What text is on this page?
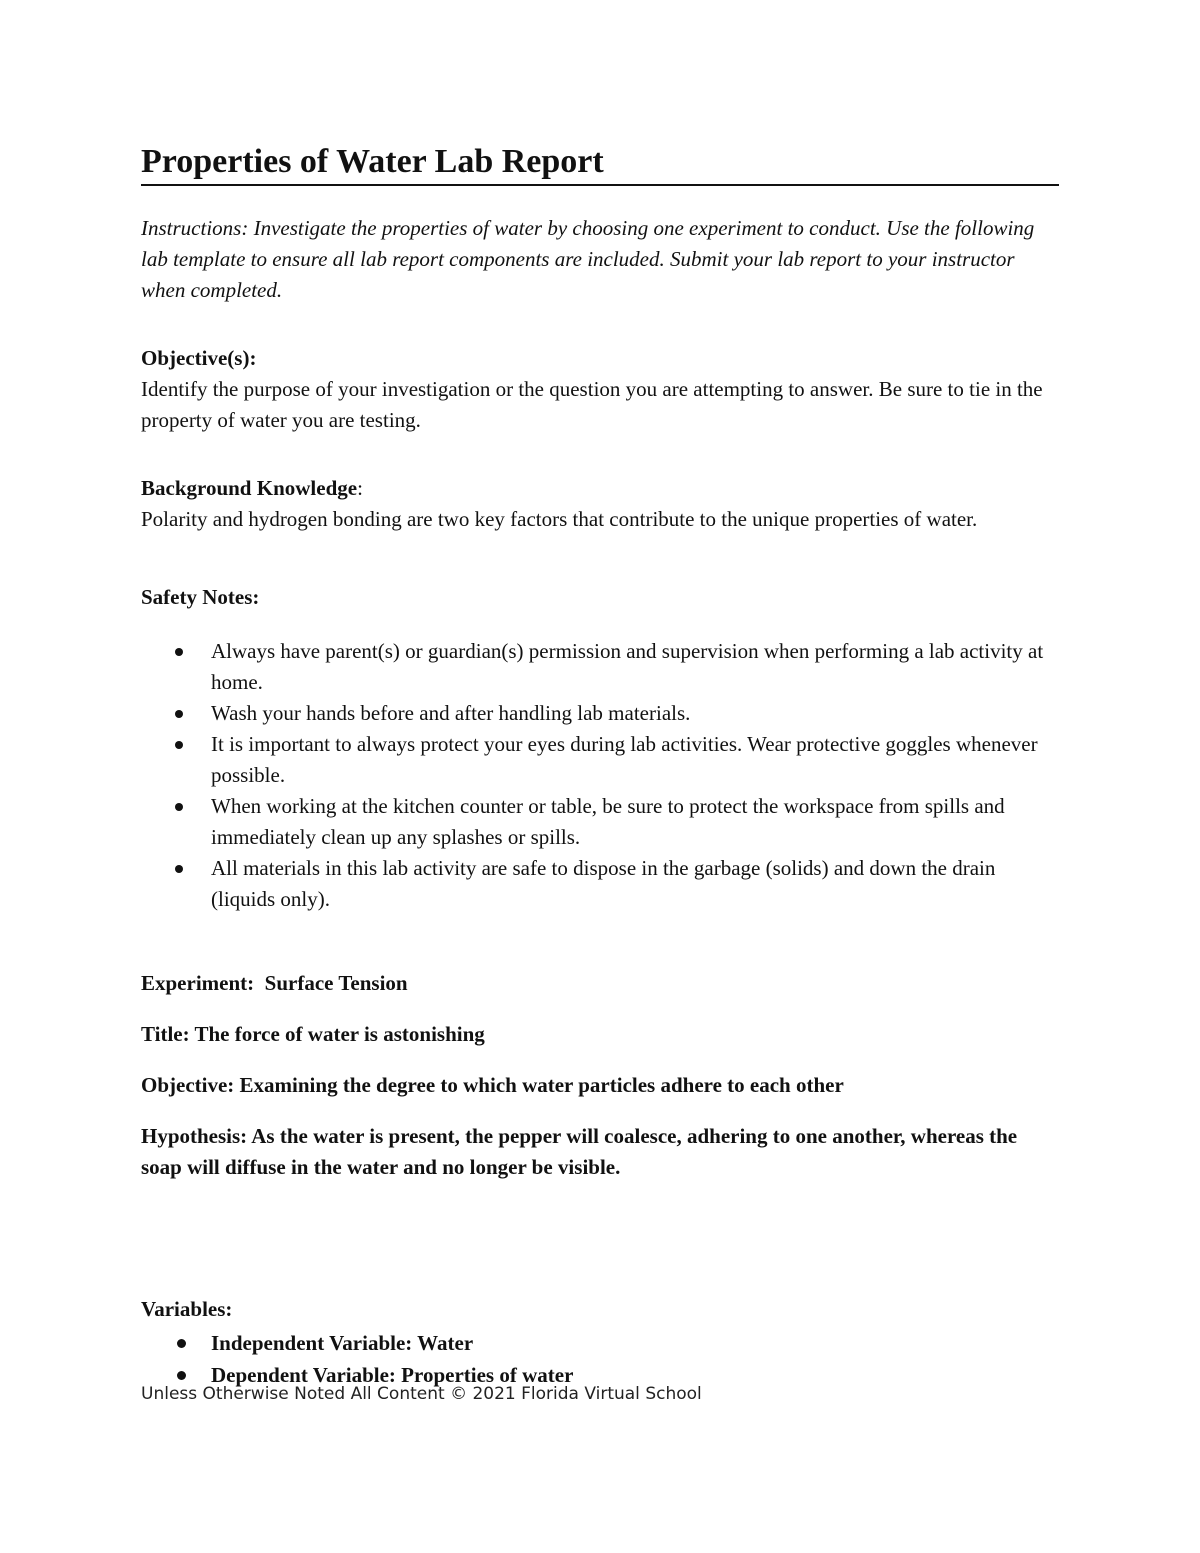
Properties of Water Lab Report
Instructions: Investigate the properties of water by choosing one experiment to conduct. Use the following lab template to ensure all lab report components are included. Submit your lab report to your instructor when completed.
Objective(s):
Identify the purpose of your investigation or the question you are attempting to answer. Be sure to tie in the property of water you are testing.
Background Knowledge:
Polarity and hydrogen bonding are two key factors that contribute to the unique properties of water.
Safety Notes:
Always have parent(s) or guardian(s) permission and supervision when performing a lab activity at home.
Wash your hands before and after handling lab materials.
It is important to always protect your eyes during lab activities. Wear protective goggles whenever possible.
When working at the kitchen counter or table, be sure to protect the workspace from spills and immediately clean up any splashes or spills.
All materials in this lab activity are safe to dispose in the garbage (solids) and down the drain (liquids only).
Experiment:  Surface Tension
Title: The force of water is astonishing
Objective: Examining the degree to which water particles adhere to each other
Hypothesis: As the water is present, the pepper will coalesce, adhering to one another, whereas the soap will diffuse in the water and no longer be visible.
Variables:
Independent Variable: Water
Dependent Variable: Properties of water
Unless Otherwise Noted All Content © 2021 Florida Virtual School
